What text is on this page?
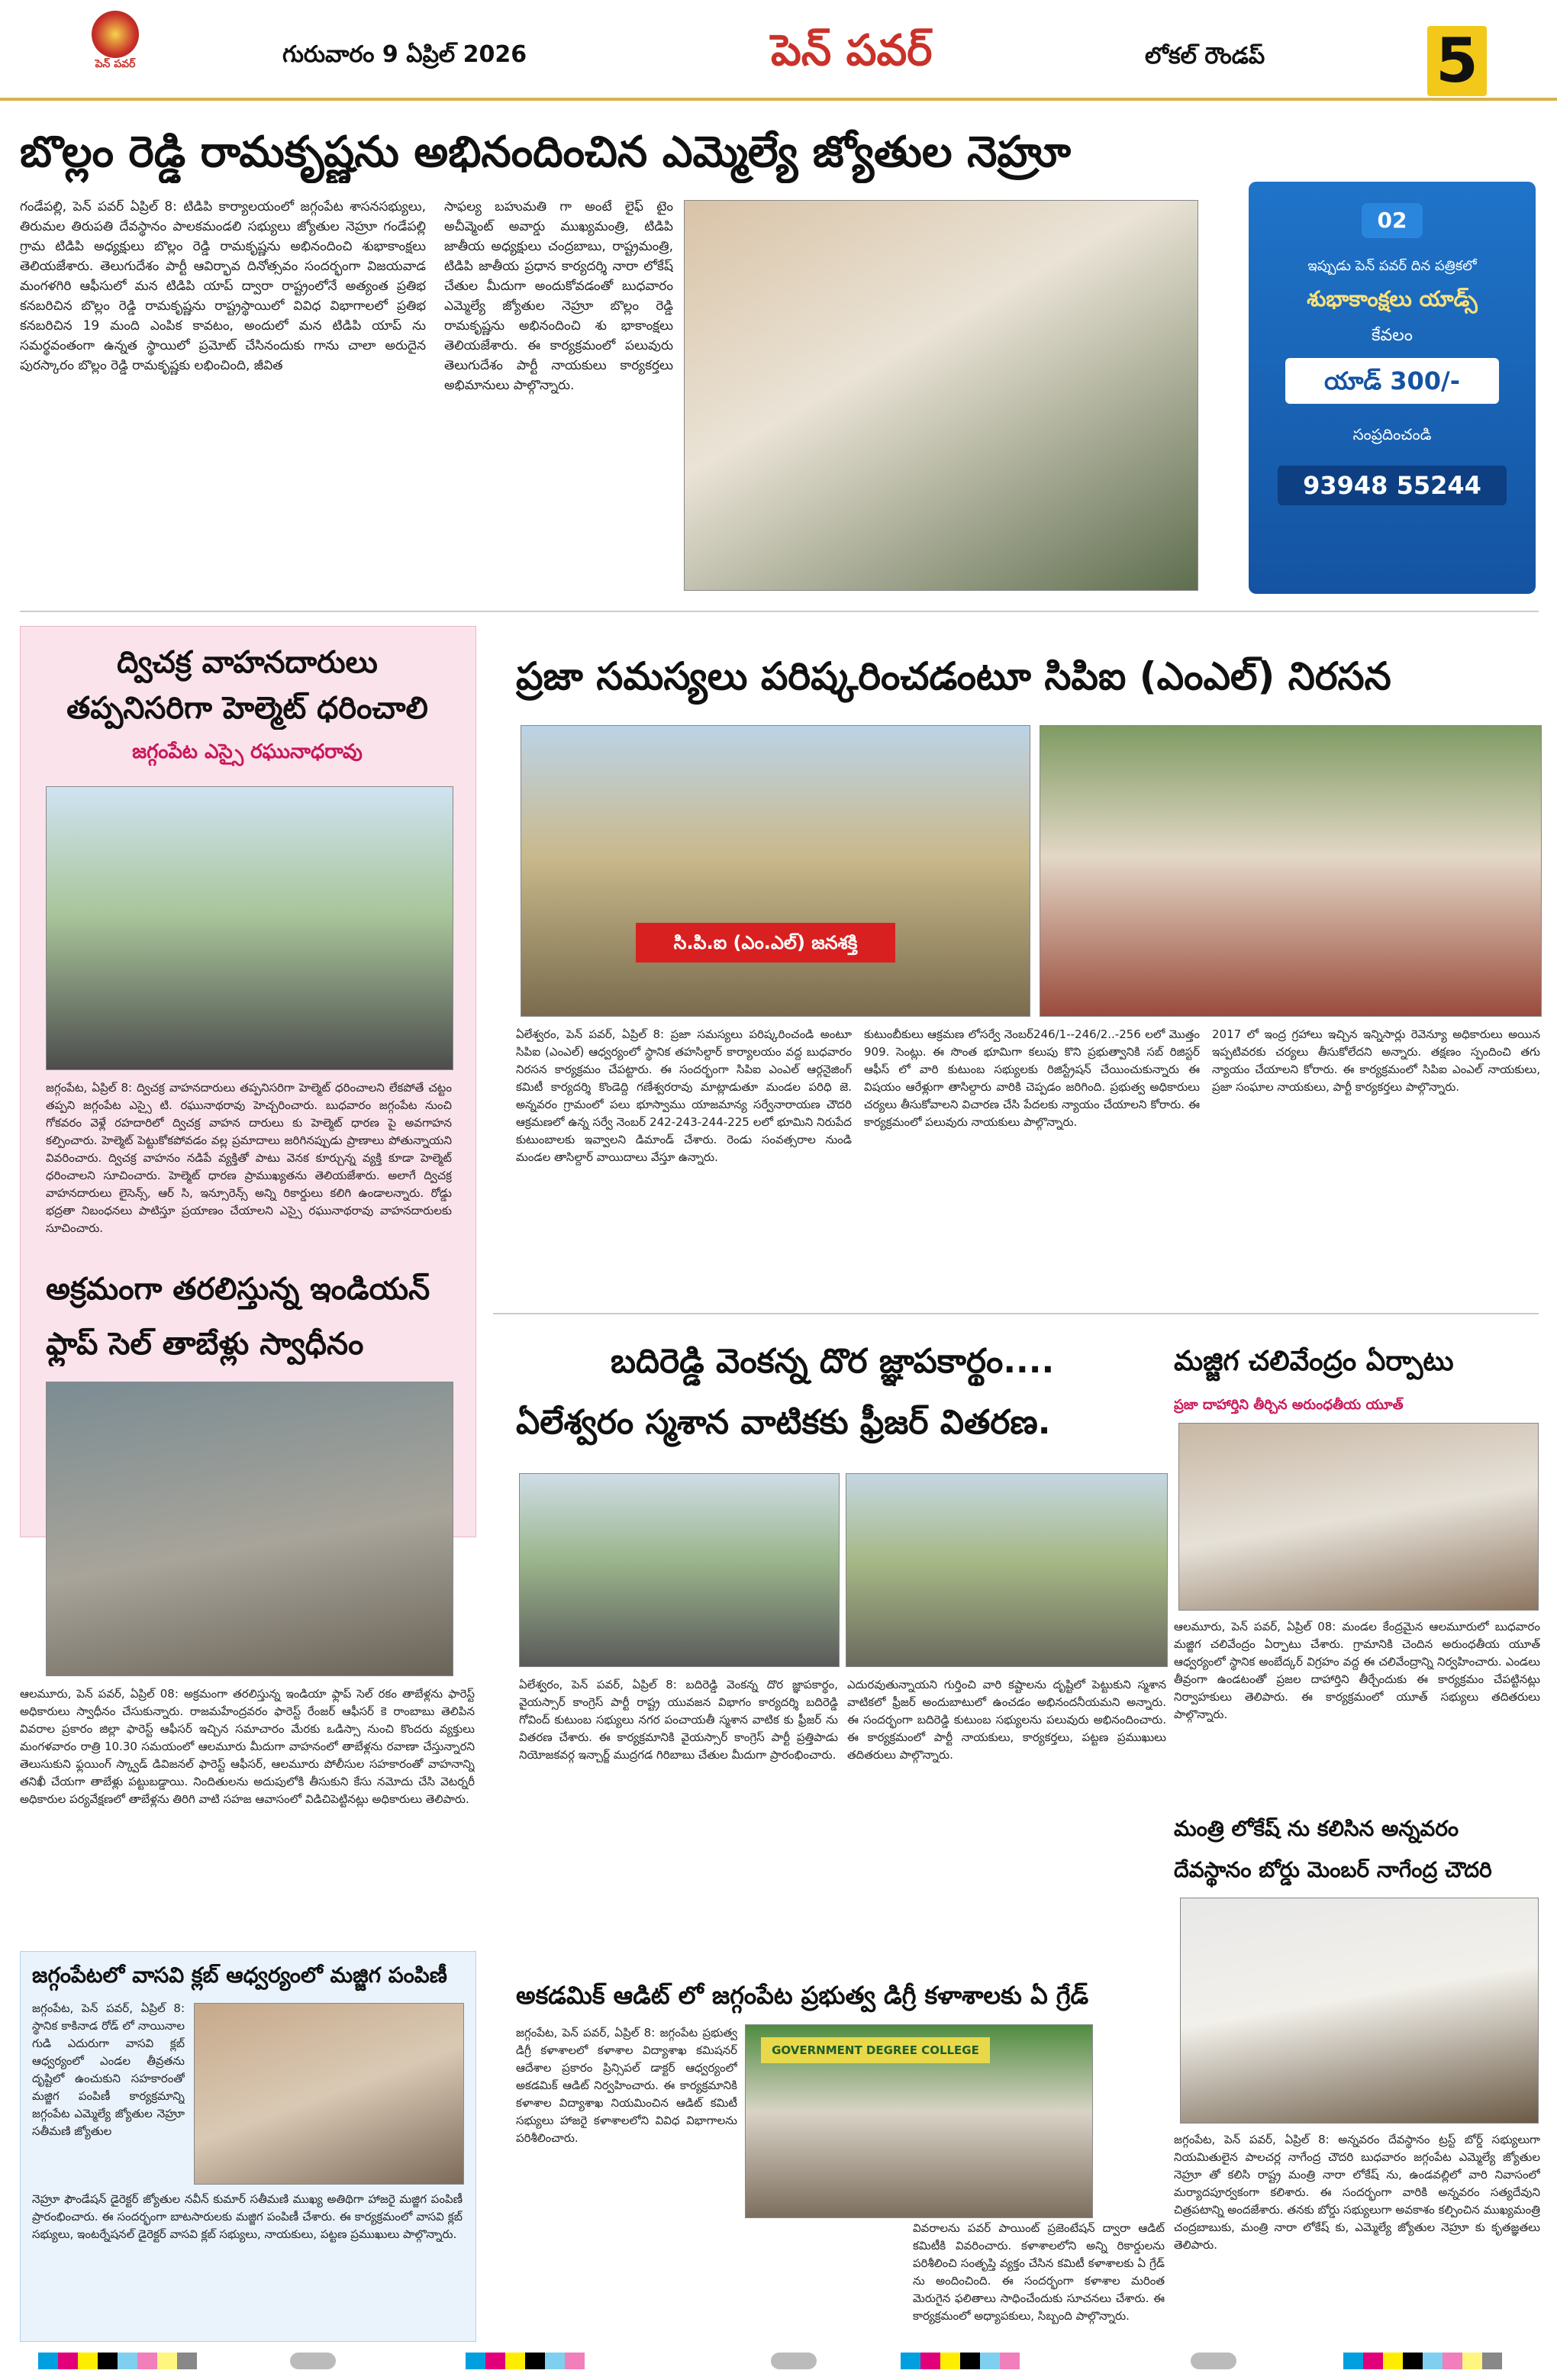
పెన్ పవర్	గురువారం 9 ఏప్రిల్ 2026	పెన్ పవర్	లోకల్ రౌండప్	5
బొల్లం రెడ్డి రామకృష్ణను అభినందించిన ఎమ్మెల్యే జ్యోతుల నెహ్రూ
గండేపల్లి, పెన్ పవర్ ఏప్రిల్ 8: టిడిపి కార్యాలయంలో జగ్గంపేట శాసనసభ్యులు, తిరుమల తిరుపతి దేవస్థానం పాలకమండలి సభ్యులు జ్యోతుల నెహ్రూ గండేపల్లి గ్రామ టిడిపి అధ్యక్షులు బొల్లం రెడ్డి రామకృష్ణను అభినందించి శుభాకాంక్షలు తెలియజేశారు. తెలుగుదేశం పార్టీ ఆవిర్భావ దినోత్సవం సందర్భంగా విజయవాడ మంగళగిరి ఆఫీసులో మన టిడిపి యాప్ ద్వారా రాష్ట్రంలోనే అత్యంత ప్రతిభ కనబరిచిన బొల్లం రెడ్డి రామకృష్ణను రాష్ట్రస్థాయిలో వివిధ విభాగాలలో ప్రతిభ కనబరిచిన 19 మంది ఎంపిక కావటం, అందులో మన టిడిపి యాప్ ను సమర్థవంతంగా ఉన్నత స్థాయిలో ప్రమోట్ చేసినందుకు గాను చాలా అరుదైన పురస్కారం బొల్లం రెడ్డి రామకృష్ణకు లభించింది, జీవిత
సాఫల్య బహుమతి గా అంటే లైఫ్ టైం అచీవ్మెంట్ అవార్డు ముఖ్యమంత్రి, టిడిపి జాతీయ అధ్యక్షులు చంద్రబాబు, రాష్ట్రమంత్రి, టిడిపి జాతీయ ప్రధాన కార్యదర్శి నారా లోకేష్ చేతుల మీదుగా అందుకోవడంతో బుధవారం ఎమ్మెల్యే జ్యోతుల నెహ్రూ బొల్లం రెడ్డి రామకృష్ణను అభినందించి శు భాకాంక్షలు తెలియజేశారు. ఈ కార్యక్రమంలో పలువురు తెలుగుదేశం పార్టీ నాయకులు కార్యకర్తలు అభిమానులు పాల్గొన్నారు.
02
ఇప్పుడు పెన్ పవర్ దిన పత్రికలో
శుభాకాంక్షలు యాడ్స్
కేవలం
యాడ్ 300/-
సంప్రదించండి
93948 55244
ద్విచక్ర వాహనదారులు
తప్పనిసరిగా హెల్మెట్ ధరించాలి
జగ్గంపేట ఎస్సై రఘునాధరావు
జగ్గంపేట, ఏప్రిల్ 8: ద్విచక్ర వాహనదారులు తప్పనిసరిగా హెల్మెట్ ధరించాలని లేకపోతే చట్టం తప్పని జగ్గంపేట ఎస్సై టి. రఘునాథరావు హెచ్చరించారు. బుధవారం జగ్గంపేట నుంచి గోకవరం వెళ్లే రహదారిలో ద్విచక్ర వాహన దారులు కు హెల్మెట్ ధారణ పై అవగాహన కల్పించారు. హెల్మెట్ పెట్టుకోకపోవడం వల్ల ప్రమాదాలు జరిగినప్పుడు ప్రాణాలు పోతున్నాయని వివరించారు. ద్విచక్ర వాహనం నడిపే వ్యక్తితో పాటు వెనక కూర్చున్న వ్యక్తి కూడా హెల్మెట్ ధరించాలని సూచించారు. హెల్మెట్ ధారణ ప్రాముఖ్యతను తెలియజేశారు. అలాగే ద్విచక్ర వాహనదారులు లైసెన్స్, ఆర్ సి, ఇన్సూరెన్స్ అన్ని రికార్డులు కలిగి ఉండాలన్నారు. రోడ్డు భద్రతా నిబంధనలు పాటిస్తూ ప్రయాణం చేయాలని ఎస్సై రఘునాథరావు వాహనదారులకు సూచించారు.
అక్రమంగా తరలిస్తున్న ఇండియన్
ఫ్లాప్ సెల్ తాబేళ్లు స్వాధీనం
ఆలమూరు, పెన్ పవర్, ఏప్రిల్ 08: అక్రమంగా తరలిస్తున్న ఇండియా ఫ్లాప్ సెల్ రకం తాబేళ్లను ఫారెస్ట్ అధికారులు స్వాధీనం చేసుకున్నారు. రాజమహేంద్రవరం ఫారెస్ట్ రేంజర్ ఆఫీసర్ కె రాంబాబు తెలిపిన వివరాల ప్రకారం జిల్లా ఫారెస్ట్ ఆఫీసర్ ఇచ్చిన సమాచారం మేరకు ఒడిస్సా నుంచి కొందరు వ్యక్తులు మంగళవారం రాత్రి 10.30 సమయంలో ఆలమూరు మీదుగా వాహనంలో తాబేళ్లను రవాణా చేస్తున్నారని తెలుసుకుని ఫ్లయింగ్ స్క్వాడ్ డివిజనల్ ఫారెస్ట్ ఆఫీసర్, ఆలమూరు పోలీసుల సహకారంతో వాహనాన్ని తనిఖీ చేయగా తాబేళ్లు పట్టుబడ్డాయి. నిందితులను అదుపులోకి తీసుకుని కేసు నమోదు చేసి వెటర్నరీ అధికారుల పర్యవేక్షణలో తాబేళ్లను తిరిగి వాటి సహజ ఆవాసంలో విడిచిపెట్టినట్లు అధికారులు తెలిపారు.
జగ్గంపేటలో వాసవి క్లబ్ ఆధ్వర్యంలో మజ్జిగ పంపిణీ
జగ్గంపేట, పెన్ పవర్, ఏప్రిల్ 8: స్థానిక కాకినాడ రోడ్ లో నాయినాల గుడి ఎదురుగా వాసవి క్లబ్ ఆధ్వర్యంలో ఎండల తీవ్రతను దృష్టిలో ఉంచుకుని సహకారంతో మజ్జిగ పంపిణీ కార్యక్రమాన్ని జగ్గంపేట ఎమ్మెల్యే జ్యోతుల నెహ్రూ సతీమణి జ్యోతుల
నెహ్రూ ఫౌండేషన్ డైరెక్టర్ జ్యోతుల నవీన్ కుమార్ సతీమణి ముఖ్య అతిథిగా హాజరై మజ్జిగ పంపిణీ ప్రారంభించారు. ఈ సందర్భంగా బాటసారులకు మజ్జిగ పంపిణీ చేశారు. ఈ కార్యక్రమంలో వాసవి క్లబ్ సభ్యులు, ఇంటర్నేషనల్ డైరెక్టర్ వాసవి క్లబ్ సభ్యులు, నాయకులు, పట్టణ ప్రముఖులు పాల్గొన్నారు.
ప్రజా సమస్యలు పరిష్కరించడంటూ సిపిఐ (ఎంఎల్) నిరసన
సి.పి.ఐ (ఎం.ఎల్) జనశక్తి
ఏలేశ్వరం, పెన్ పవర్, ఏప్రిల్ 8: ప్రజా సమస్యలు పరిష్కరించండి అంటూ సిపిఐ (ఎంఎల్) ఆధ్వర్యంలో స్థానిక తహసిల్దార్ కార్యాలయం వద్ద బుధవారం నిరసన కార్యక్రమం చేపట్టారు. ఈ సందర్భంగా సిపిఐ ఎంఎల్ ఆర్గనైజింగ్ కమిటీ కార్యదర్శి కొండెద్ది గణేశ్వరరావు మాట్లాడుతూ మండల పరిధి జె. అన్నవరం గ్రామంలో పలు భూస్వాము యాజమాన్య సర్వేనారాయణ చౌదరి ఆక్రమణలో ఉన్న సర్వే నెంబర్ 242-243-244-225 లలో భూమిని నిరుపేద కుటుంబాలకు ఇవ్వాలని డిమాండ్ చేశారు. రెండు సంవత్సరాల నుండి మండల తాసిల్దార్ వాయిదాలు వేస్తూ ఉన్నారు.
కుటుంబీకులు ఆక్రమణ లోసర్వే నెంబర్246/1--246/2..-256 లలో మొత్తం 909. సెంట్లు. ఈ సొంత భూమిగా కలుపు కొని ప్రభుత్వానికి సబ్ రిజిస్టర్ ఆఫీస్ లో వారి కుటుంబ సభ్యులకు రిజిస్ట్రేషన్ చేయించుకున్నారు ఈ విషయం ఆరేళ్లుగా తాసిల్దారు వారికి చెప్పడం జరిగింది. ప్రభుత్వ అధికారులు చర్యలు తీసుకోవాలని విచారణ చేసి పేదలకు న్యాయం చేయాలని కోరారు. ఈ కార్యక్రమంలో పలువురు నాయకులు పాల్గొన్నారు.
2017 లో ఇంద్ర గ్రహాలు ఇచ్చిన ఇన్నిసార్లు రెవెన్యూ అధికారులు అయిన ఇప్పటివరకు చర్యలు తీసుకోలేదని అన్నారు. తక్షణం స్పందించి తగు న్యాయం చేయాలని కోరారు. ఈ కార్యక్రమంలో సిపిఐ ఎంఎల్ నాయకులు, ప్రజా సంఘాల నాయకులు, పార్టీ కార్యకర్తలు పాల్గొన్నారు.
బదిరెడ్డి వెంకన్న దొర జ్ఞాపకార్థం....
ఏలేశ్వరం స్మశాన వాటికకు ఫ్రీజర్ వితరణ.
ఏలేశ్వరం, పెన్ పవర్, ఏప్రిల్ 8: బదిరెడ్డి వెంకన్న దొర జ్ఞాపకార్థం, వైయస్సార్ కాంగ్రెస్ పార్టీ రాష్ట్ర యువజన విభాగం కార్యదర్శి బదిరెడ్డి గోవింద్ కుటుంబ సభ్యులు నగర పంచాయతీ స్మశాన వాటిక కు ఫ్రీజర్ ను వితరణ చేశారు. ఈ కార్యక్రమానికి వైయస్సార్ కాంగ్రెస్ పార్టీ ప్రత్తిపాడు నియోజకవర్గ ఇన్చార్జ్ ముద్రగడ గిరిబాబు చేతుల మీదుగా ప్రారంభించారు.
ఎదురవుతున్నాయని గుర్తించి వారి కష్టాలను దృష్టిలో పెట్టుకుని స్మశాన వాటికలో ఫ్రీజర్ అందుబాటులో ఉంచడం అభినందనీయమని అన్నారు. ఈ సందర్భంగా బదిరెడ్డి కుటుంబ సభ్యులను పలువురు అభినందించారు. ఈ కార్యక్రమంలో పార్టీ నాయకులు, కార్యకర్తలు, పట్టణ ప్రముఖులు తదితరులు పాల్గొన్నారు.
మజ్జిగ చలివేంద్రం ఏర్పాటు
ప్రజా దాహార్తిని తీర్చిన అరుంధతీయ యూత్
ఆలమూరు, పెన్ పవర్, ఏప్రిల్ 08: మండల కేంద్రమైన ఆలమూరులో బుధవారం మజ్జిగ చలివేంద్రం ఏర్పాటు చేశారు. గ్రామానికి చెందిన అరుంధతీయ యూత్ ఆధ్వర్యంలో స్థానిక అంబేద్కర్ విగ్రహం వద్ద ఈ చలివేంద్రాన్ని నిర్వహించారు. ఎండలు తీవ్రంగా ఉండటంతో ప్రజల దాహార్తిని తీర్చేందుకు ఈ కార్యక్రమం చేపట్టినట్లు నిర్వాహకులు తెలిపారు. ఈ కార్యక్రమంలో యూత్ సభ్యులు తదితరులు పాల్గొన్నారు.
మంత్రి లోకేష్ ను కలిసిన అన్నవరం
దేవస్థానం బోర్డు మెంబర్ నాగేంద్ర చౌదరి
జగ్గంపేట, పెన్ పవర్, ఏప్రిల్ 8: అన్నవరం దేవస్థానం ట్రస్ట్ బోర్డ్ సభ్యులుగా నియమితులైన పాలచర్ల నాగేంద్ర చౌదరి బుధవారం జగ్గంపేట ఎమ్మెల్యే జ్యోతుల నెహ్రూ తో కలిసి రాష్ట్ర మంత్రి నారా లోకేష్ ను, ఉండవల్లిలో వారి నివాసంలో మర్యాదపూర్వకంగా కలిశారు. ఈ సందర్భంగా వారికి అన్నవరం సత్యదేవుని చిత్రపటాన్ని అందజేశారు. తనకు బోర్డు సభ్యులుగా అవకాశం కల్పించిన ముఖ్యమంత్రి చంద్రబాబుకు, మంత్రి నారా లోకేష్ కు, ఎమ్మెల్యే జ్యోతుల నెహ్రూ కు కృతజ్ఞతలు తెలిపారు.
అకడమిక్ ఆడిట్ లో జగ్గంపేట ప్రభుత్వ డిగ్రీ కళాశాలకు ఏ గ్రేడ్
జగ్గంపేట, పెన్ పవర్, ఏప్రిల్ 8: జగ్గంపేట ప్రభుత్వ డిగ్రీ కళాశాలలో కళాశాల విద్యాశాఖ కమిషనర్ ఆదేశాల ప్రకారం ప్రిన్సిపల్ డాక్టర్ ఆధ్వర్యంలో అకడమిక్ ఆడిట్ నిర్వహించారు. ఈ కార్యక్రమానికి కళాశాల విద్యాశాఖ నియమించిన ఆడిట్ కమిటీ సభ్యులు హాజరై కళాశాలలోని వివిధ విభాగాలను పరిశీలించారు.
GOVERNMENT DEGREE COLLEGE
వివరాలను పవర్ పాయింట్ ప్రజెంటేషన్ ద్వారా ఆడిట్ కమిటీకి వివరించారు. కళాశాలలోని అన్ని రికార్డులను పరిశీలించి సంతృప్తి వ్యక్తం చేసిన కమిటీ కళాశాలకు ఏ గ్రేడ్ ను అందించింది. ఈ సందర్భంగా కళాశాల మరింత మెరుగైన ఫలితాలు సాధించేందుకు సూచనలు చేశారు. ఈ కార్యక్రమంలో అధ్యాపకులు, సిబ్బంది పాల్గొన్నారు.
